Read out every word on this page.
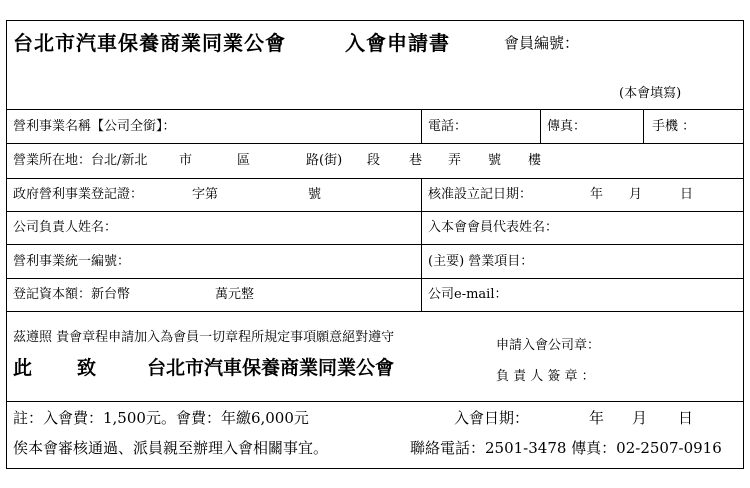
台北市汽車保養商業同業公會	入會申請書	會員編號：
(本會填寫)
營利事業名稱【公司全銜】：	電話：	傳真：	手機 ：
營業所在地：台北/新北 市	區	路(街) 段 巷 弄 號 樓
政府營利事業登記證：	字第	號	核准設立記日期：	年 月	日
公司負責人姓名：	入本會會員代表姓名：
營利事業統一編號：	(主要) 營業項目：
登記資本額：新台幣	萬元整	公司e-mail：
茲遵照 貴會章程申請加入為會員一切章程所規定事項願意絕對遵守
此 致	台北市汽車保養商業同業公會
申請入會公司章：
負 責 人 簽 章 ：
註：入會費：1,500元。會費：年繳6,000元	入會日期：	年 月 日
俟本會審核通過、派員親至辦理入會相關事宜。	聯絡電話：2501-3478 傳真：02-2507-0916
